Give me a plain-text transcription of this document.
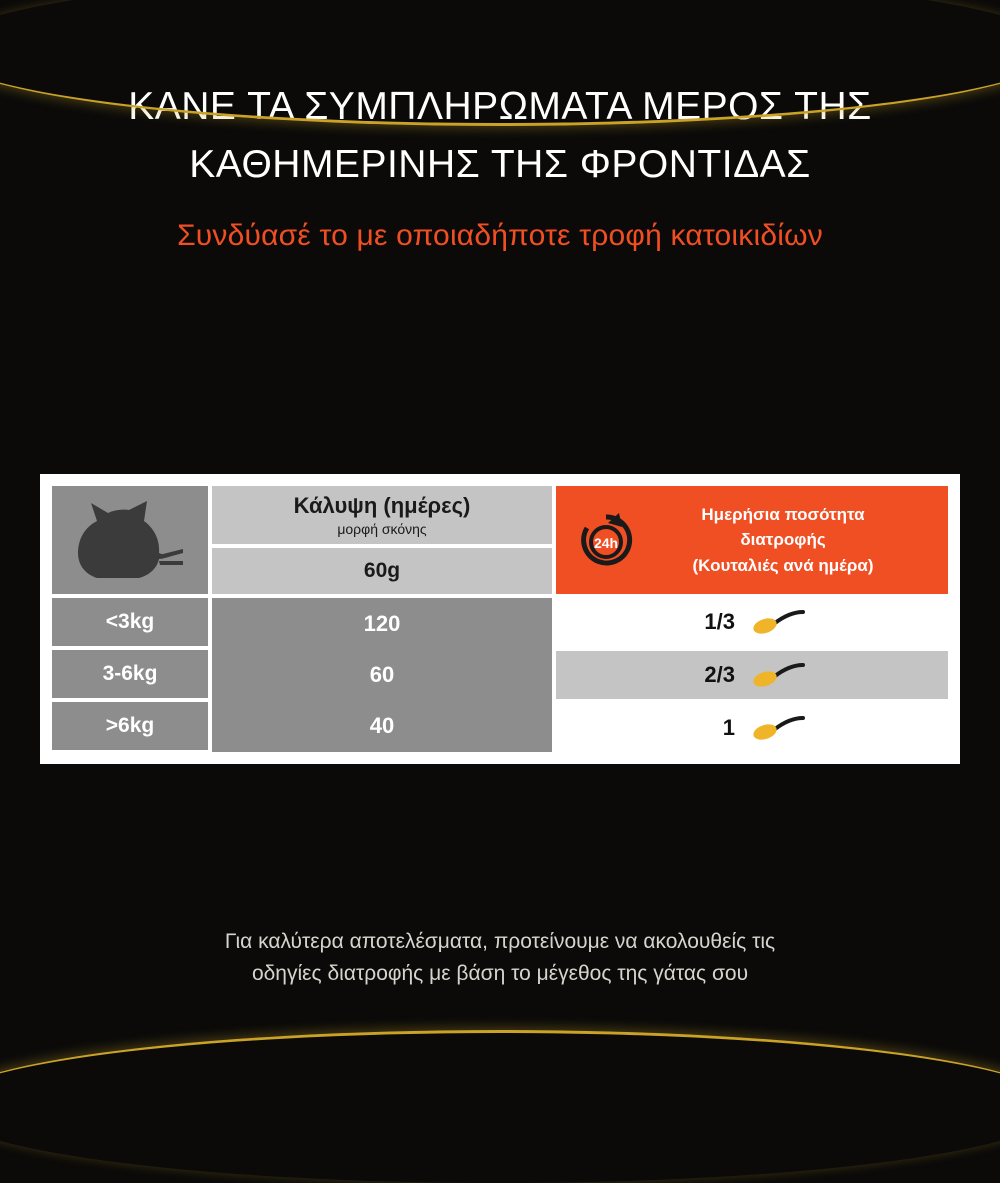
ΚΑΝΕ ΤΑ ΣΥΜΠΛΗΡΩΜΑΤΑ ΜΕΡΟΣ ΤΗΣ
ΚΑΘΗΜΕΡΙΝΗΣ ΤΗΣ ΦΡΟΝΤΙΔΑΣ
Συνδύασέ το με οποιαδήποτε τροφή κατοικιδίων
<3kg
3-6kg
>6kg
Κάλυψη (ημέρες)
μορφή σκόνης
60g
120
60
40
24h
Ημερήσια ποσότητα
διατροφής
(Κουταλιές ανά ημέρα)
1/3
2/3
1
Για καλύτερα αποτελέσματα, προτείνουμε να ακολουθείς τις
οδηγίες διατροφής με βάση το μέγεθος της γάτας σου
